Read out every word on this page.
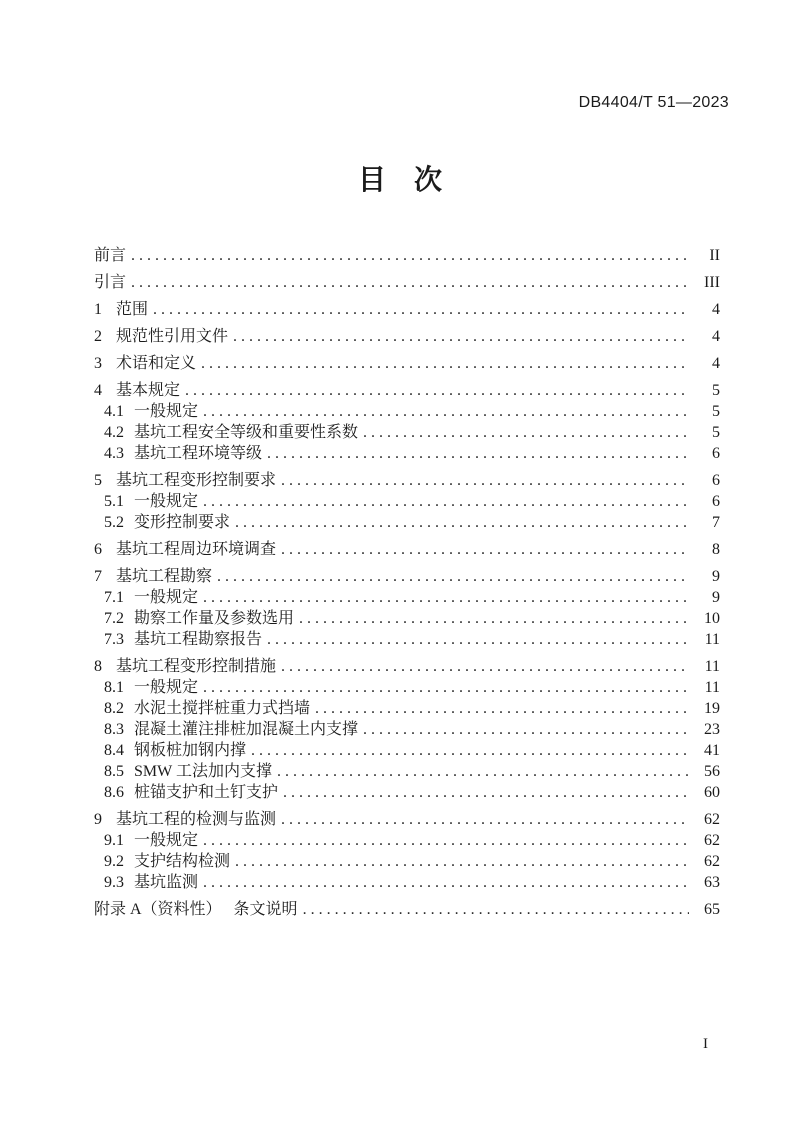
DB4404/T 51—2023
目　次
前言 .....	II
引言 .....	III
1 范围 .....	4
2 规范性引用文件 .....	4
3 术语和定义 .....	4
4 基本规定 .....	5
4.1 一般规定 .....	5
4.2 基坑工程安全等级和重要性系数 .....	5
4.3 基坑工程环境等级 .....	6
5 基坑工程变形控制要求 .....	6
5.1 一般规定 .....	6
5.2 变形控制要求 .....	7
6 基坑工程周边环境调查 .....	8
7 基坑工程勘察 .....	9
7.1 一般规定 .....	9
7.2 勘察工作量及参数选用 .....	10
7.3 基坑工程勘察报告 .....	11
8 基坑工程变形控制措施 .....	11
8.1 一般规定 .....	11
8.2 水泥土搅拌桩重力式挡墙 .....	19
8.3 混凝土灌注排桩加混凝土内支撑 .....	23
8.4 钢板桩加钢内撑 .....	41
8.5 SMW 工法加内支撑 .....	56
8.6 桩锚支护和土钉支护 .....	60
9 基坑工程的检测与监测 .....	62
9.1 一般规定 .....	62
9.2 支护结构检测 .....	62
9.3 基坑监测 .....	63
附录 A（资料性）　 条文说明 .....	65
I
